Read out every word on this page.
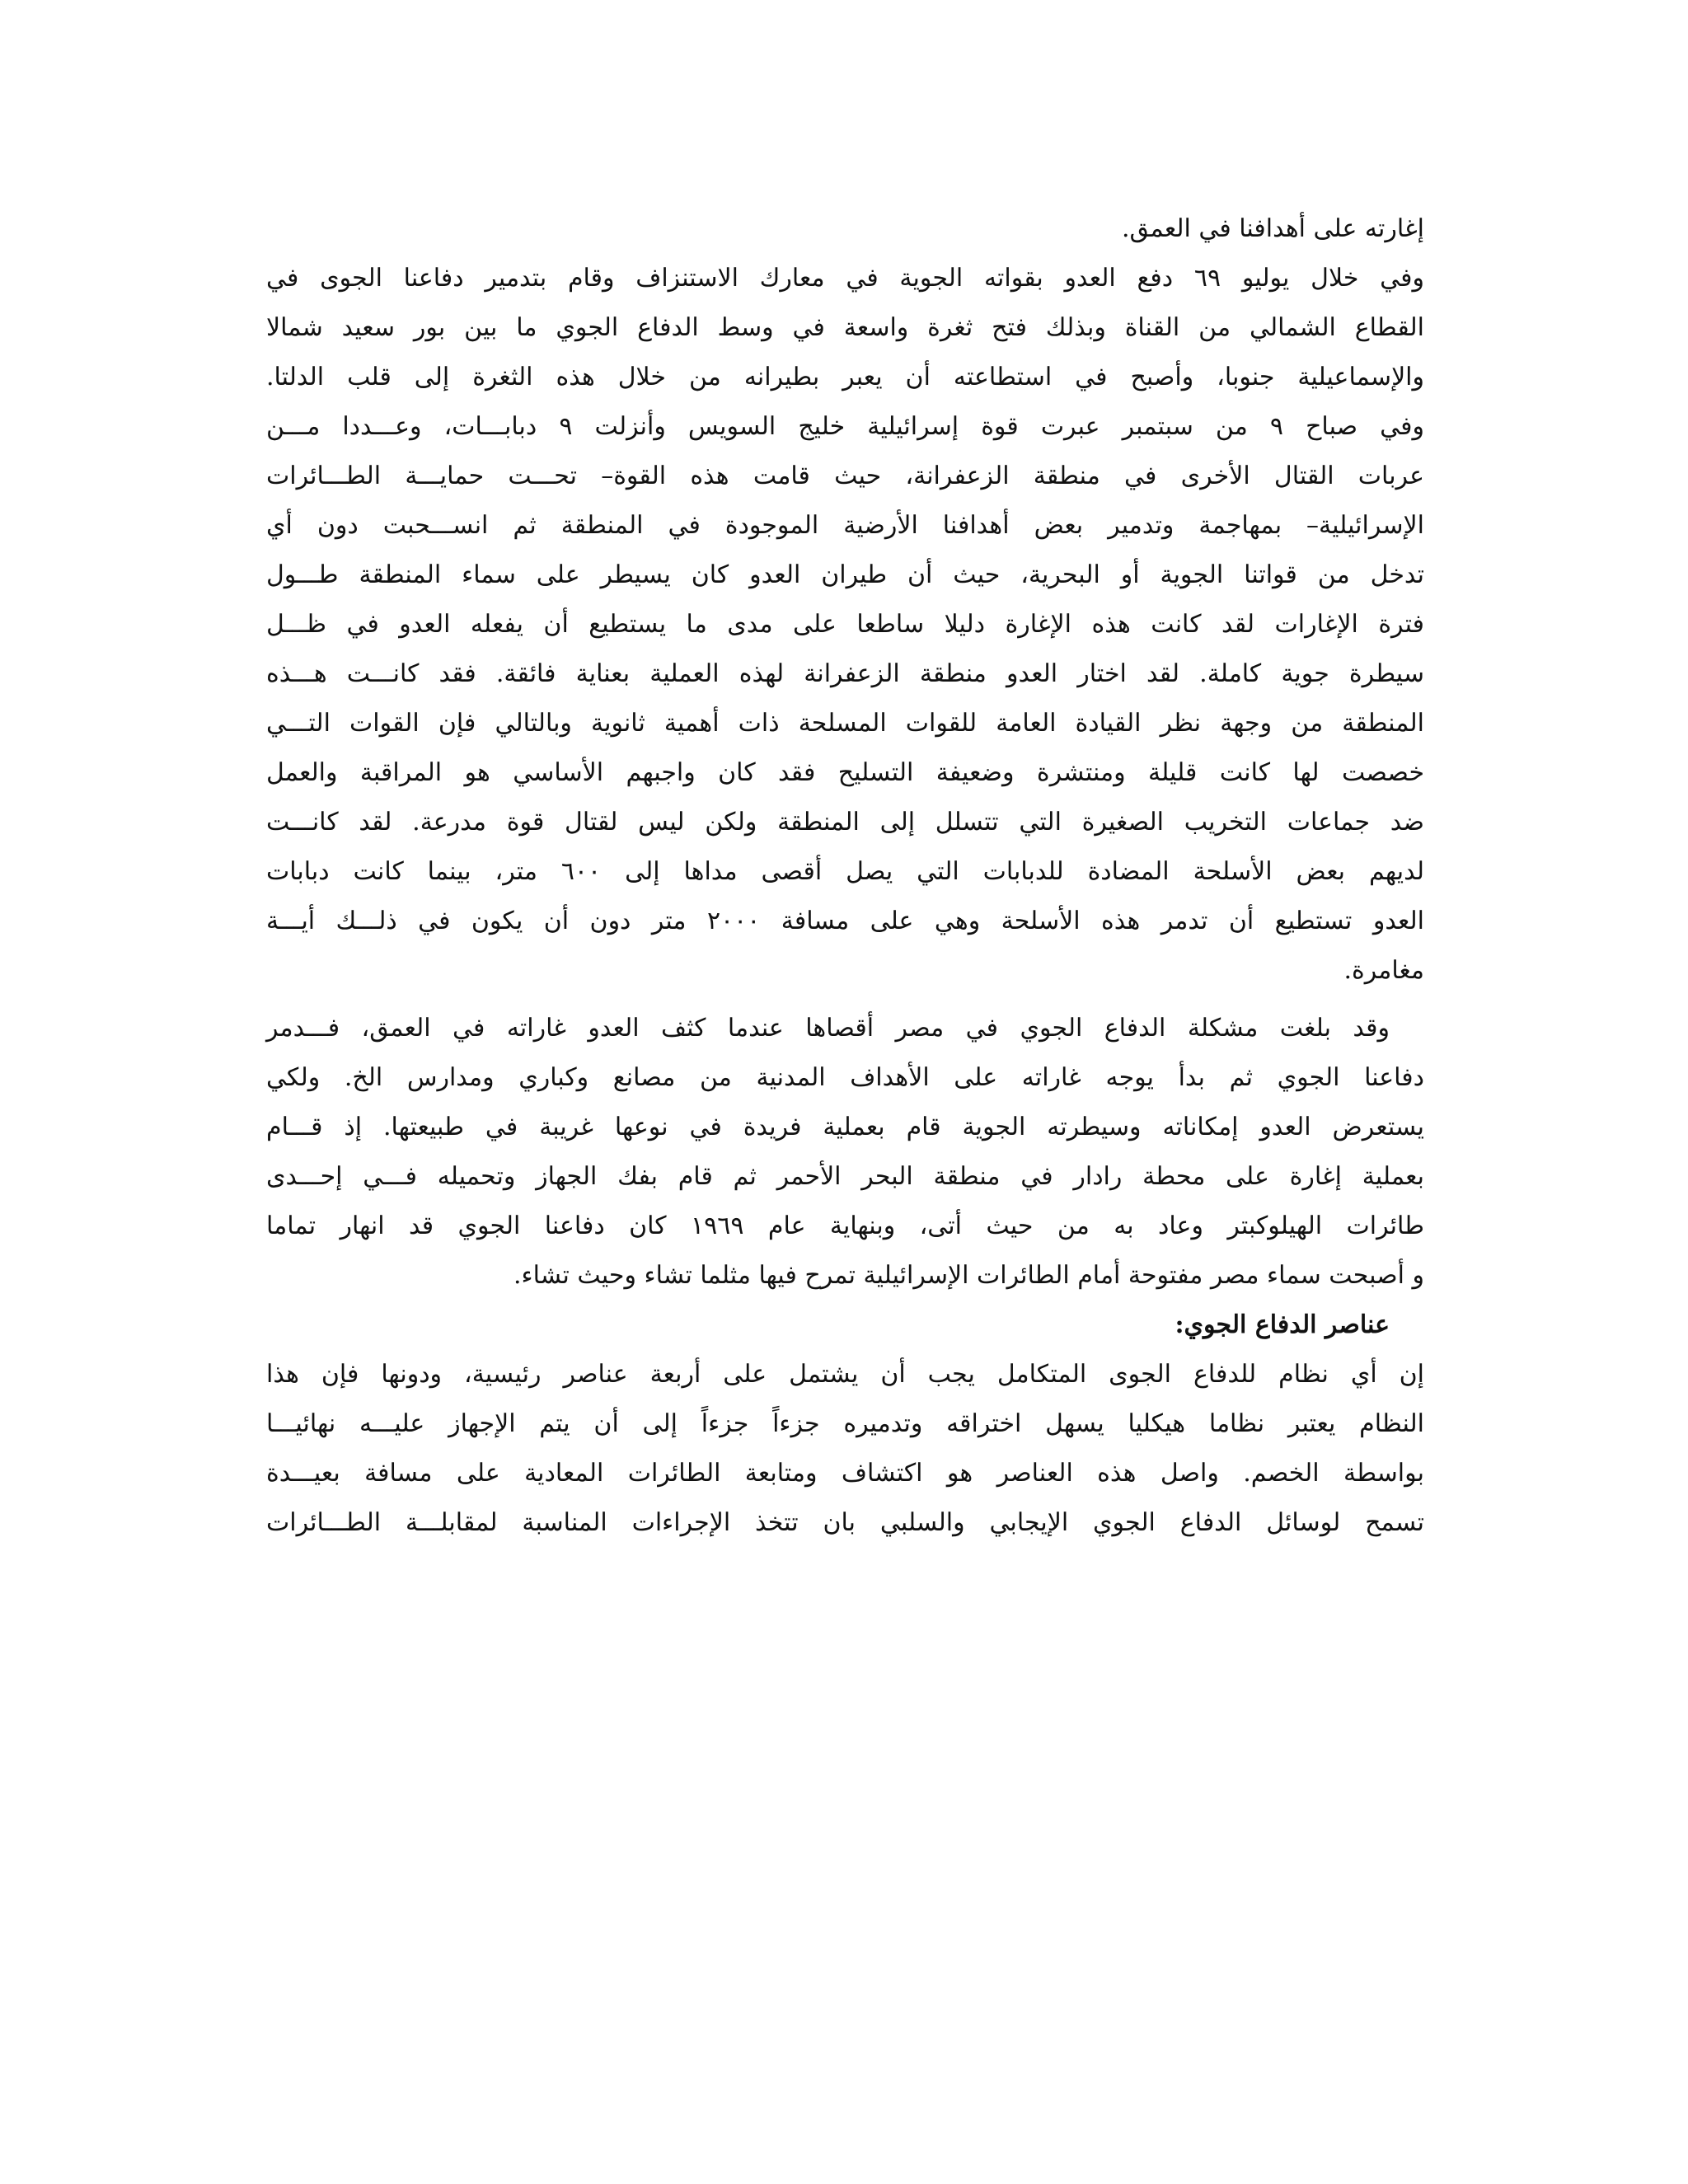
إغارته على أهدافنا في العمق.
وفي خلال يوليو ٦٩ دفع العدو بقواته الجوية في معارك الاستنزاف وقام بتدمير دفاعنا الجوى في
القطاع الشمالي من القناة وبذلك فتح ثغرة واسعة في وسط الدفاع الجوي ما بين بور سعيد شمالا
والإسماعيلية جنوبا، وأصبح في استطاعته أن يعبر بطيرانه من خلال هذه الثغرة إلى قلب الدلتا.
وفي صباح ٩ من سبتمبر عبرت قوة إسرائيلية خليج السويس وأنزلت ٩ دبابـــات، وعـــددا مـــن
عربات القتال الأخرى في منطقة الزعفرانة، حيث قامت هذه القوة– تحـــت حمايـــة الطـــائرات
الإسرائيلية– بمهاجمة وتدمير بعض أهدافنا الأرضية الموجودة في المنطقة ثم انســـحبت دون أي
تدخل من قواتنا الجوية أو البحرية، حيث أن طيران العدو كان يسيطر على سماء المنطقة طـــول
فترة الإغارات لقد كانت هذه الإغارة دليلا ساطعا على مدى ما يستطيع أن يفعله العدو في ظـــل
سيطرة جوية كاملة. لقد اختار العدو منطقة الزعفرانة لهذه العملية بعناية فائقة. فقد كانـــت هـــذه
المنطقة من وجهة نظر القيادة العامة للقوات المسلحة ذات أهمية ثانوية وبالتالي فإن القوات التـــي
خصصت لها كانت قليلة ومنتشرة وضعيفة التسليح فقد كان واجبهم الأساسي هو المراقبة والعمل
ضد جماعات التخريب الصغيرة التي تتسلل إلى المنطقة ولكن ليس لقتال قوة مدرعة. لقد كانـــت
لديهم بعض الأسلحة المضادة للدبابات التي يصل أقصى مداها إلى ٦٠٠ متر، بينما كانت دبابات
العدو تستطيع أن تدمر هذه الأسلحة وهي على مسافة ٢٠٠٠ متر دون أن يكون في ذلـــك أيـــة
مغامرة.
وقد بلغت مشكلة الدفاع الجوي في مصر أقصاها عندما كثف العدو غاراته في العمق، فـــدمر
دفاعنا الجوي ثم بدأ يوجه غاراته على الأهداف المدنية من مصانع وكباري ومدارس الخ. ولكي
يستعرض العدو إمكاناته وسيطرته الجوية قام بعملية فريدة في نوعها غريبة في طبيعتها. إذ قـــام
بعملية إغارة على محطة رادار في منطقة البحر الأحمر ثم قام بفك الجهاز وتحميله فـــي إحـــدى
طائرات الهيلوكبتر وعاد به من حيث أتى، وبنهاية عام ١٩٦٩ كان دفاعنا الجوي قد انهار تماما
و أصبحت سماء مصر مفتوحة أمام الطائرات الإسرائيلية تمرح فيها مثلما تشاء وحيث تشاء.
عناصر الدفاع الجوي:
إن أي نظام للدفاع الجوى المتكامل يجب أن يشتمل على أربعة عناصر رئيسية، ودونها فإن هذا
النظام يعتبر نظاما هيكليا يسهل اختراقه وتدميره جزءاً جزءاً إلى أن يتم الإجهاز عليـــه نهائيـــا
بواسطة الخصم. واصل هذه العناصر هو اكتشاف ومتابعة الطائرات المعادية على مسافة بعيـــدة
تسمح لوسائل الدفاع الجوي الإيجابي والسلبي بان تتخذ الإجراءات المناسبة لمقابلـــة الطـــائرات
